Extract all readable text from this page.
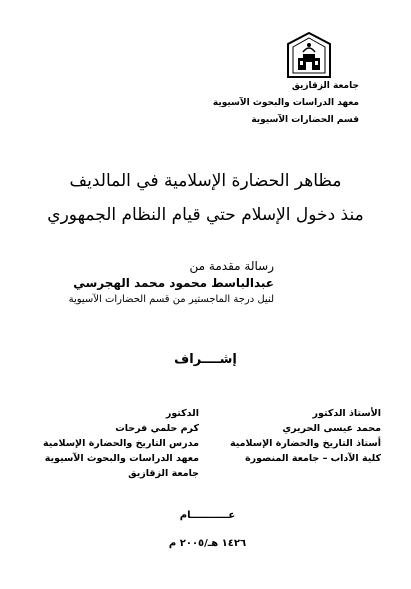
جامعة الزقازيق
معهد الدراسات والبحوث الآسيوية
قسم الحضارات الآسيوية
مظاهر الحضارة الإسلامية في المالديف
منذ دخول الإسلام حتي قيام النظام الجمهوري
رسالة مقدمة من
عبدالباسط محمود محمد الهجرسي
لنيل درجة الماجستير من قسم الحضارات الآسيوية
إشــــراف
الأستاذ الدكتور
محمد عيسى الحريري
أستاذ التاريخ والحضارة الإسلامية
كلية الآداب – جامعة المنصورة
الدكتور
كرم حلمي فرحات
مدرس التاريخ والحضارة الإسلامية
معهد الدراسات والبحوث الآسيوية
جامعة الزقازيق
عـــــــــــام
١٤٢٦ هـ/٢٠٠٥ م
